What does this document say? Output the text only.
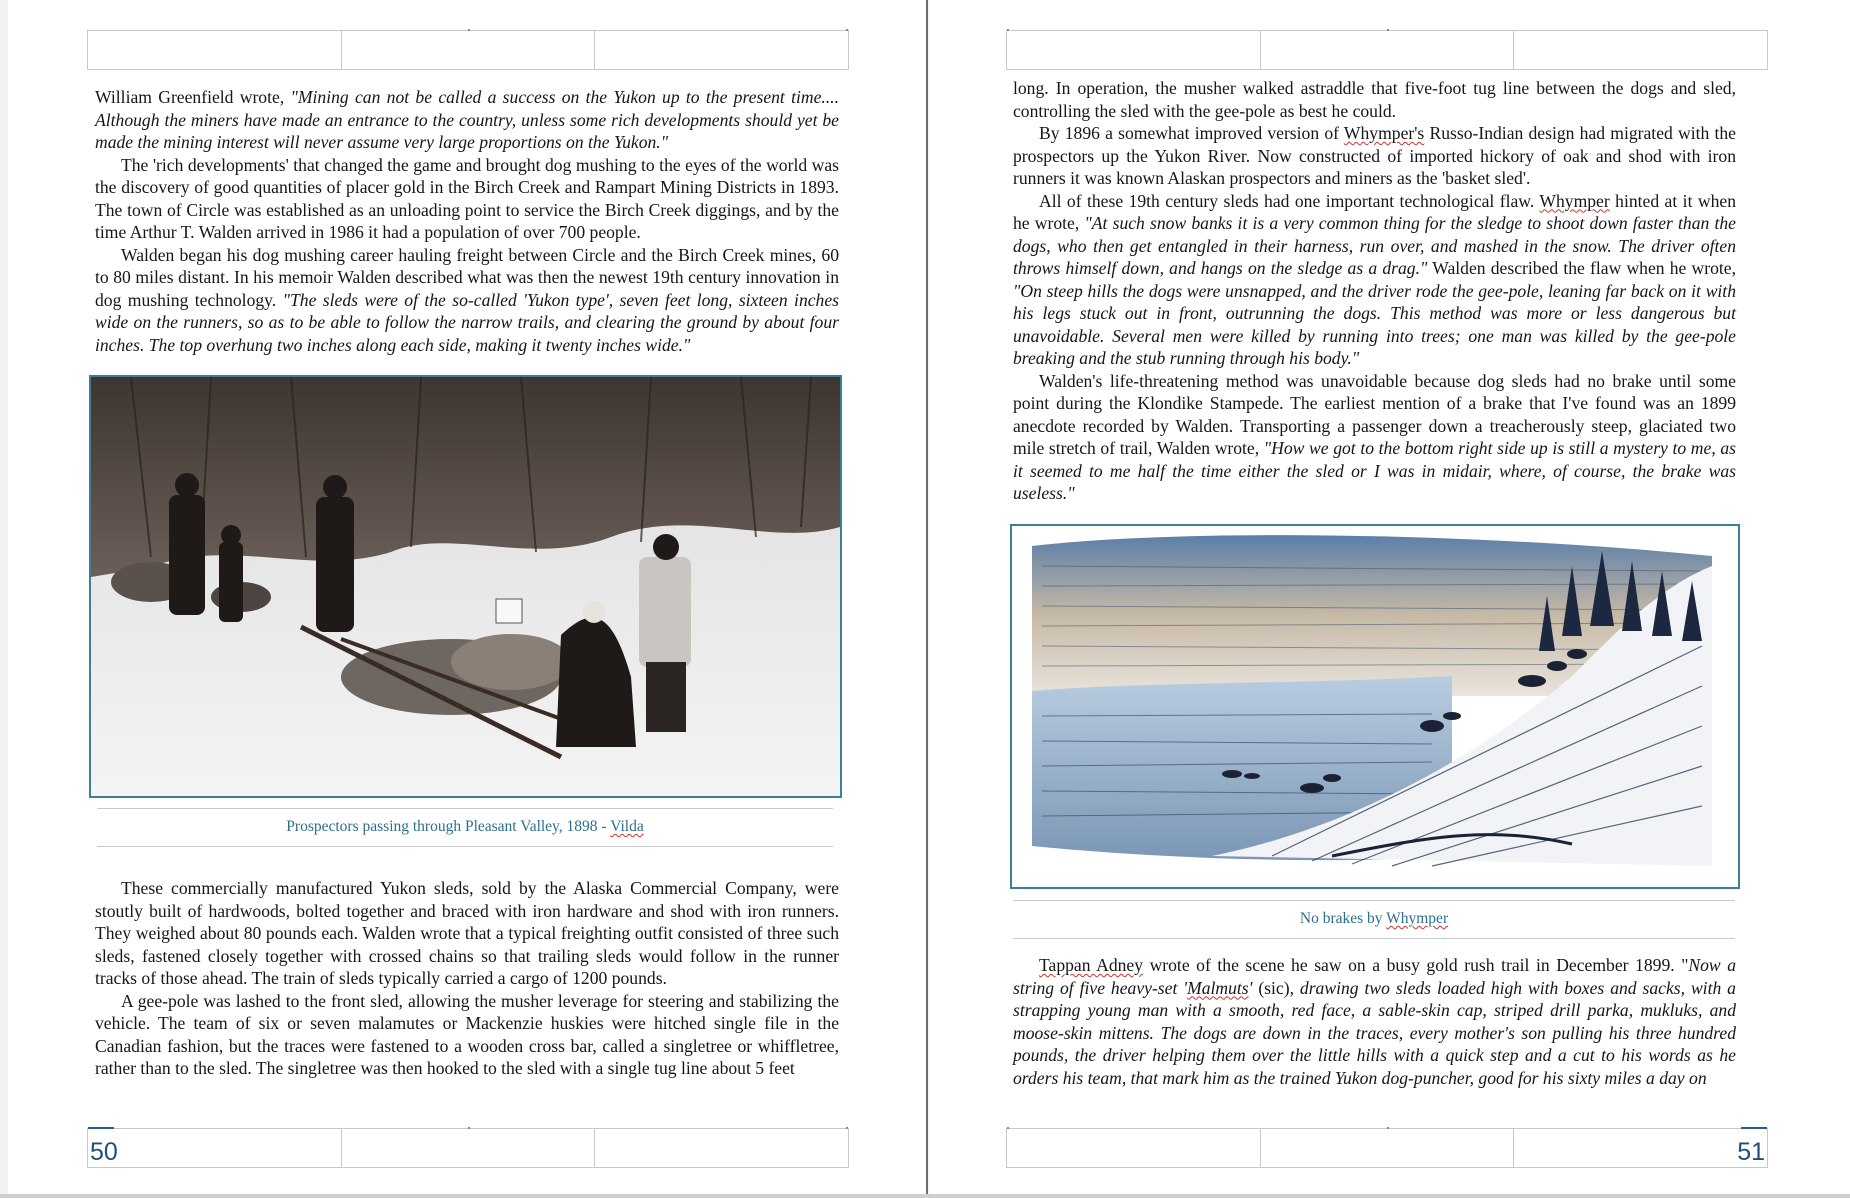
William Greenfield wrote, "Mining can not be called a success on the Yukon up to the present time.... Although the miners have made an entrance to the country, unless some rich developments should yet be made the mining interest will never assume very large proportions on the Yukon."

The 'rich developments' that changed the game and brought dog mushing to the eyes of the world was the discovery of good quantities of placer gold in the Birch Creek and Rampart Mining Districts in 1893. The town of Circle was established as an unloading point to service the Birch Creek diggings, and by the time Arthur T. Walden arrived in 1986 it had a population of over 700 people.

Walden began his dog mushing career hauling freight between Circle and the Birch Creek mines, 60 to 80 miles distant. In his memoir Walden described what was then the newest 19th century innovation in dog mushing technology. "The sleds were of the so-called 'Yukon type', seven feet long, sixteen inches wide on the runners, so as to be able to follow the narrow trails, and clearing the ground by about four inches. The top overhung two inches along each side, making it twenty inches wide."

Prospectors passing through Pleasant Valley, 1898 - Vilda

These commercially manufactured Yukon sleds, sold by the Alaska Commercial Company, were stoutly built of hardwoods, bolted together and braced with iron hardware and shod with iron runners. They weighed about 80 pounds each. Walden wrote that a typical freighting outfit consisted of three such sleds, fastened closely together with crossed chains so that trailing sleds would follow in the runner tracks of those ahead. The train of sleds typically carried a cargo of 1200 pounds.

A gee-pole was lashed to the front sled, allowing the musher leverage for steering and stabilizing the vehicle. The team of six or seven malamutes or Mackenzie huskies were hitched single file in the Canadian fashion, but the traces were fastened to a wooden cross bar, called a singletree or whiffletree, rather than to the sled. The singletree was then hooked to the sled with a single tug line about 5 feet

50

long. In operation, the musher walked astraddle that five-foot tug line between the dogs and sled, controlling the sled with the gee-pole as best he could.

By 1896 a somewhat improved version of Whymper's Russo-Indian design had migrated with the prospectors up the Yukon River. Now constructed of imported hickory of oak and shod with iron runners it was known Alaskan prospectors and miners as the 'basket sled'.

All of these 19th century sleds had one important technological flaw. Whymper hinted at it when he wrote, "At such snow banks it is a very common thing for the sledge to shoot down faster than the dogs, who then get entangled in their harness, run over, and mashed in the snow. The driver often throws himself down, and hangs on the sledge as a drag." Walden described the flaw when he wrote, "On steep hills the dogs were unsnapped, and the driver rode the gee-pole, leaning far back on it with his legs stuck out in front, outrunning the dogs. This method was more or less dangerous but unavoidable. Several men were killed by running into trees; one man was killed by the gee-pole breaking and the stub running through his body."

Walden's life-threatening method was unavoidable because dog sleds had no brake until some point during the Klondike Stampede. The earliest mention of a brake that I've found was an 1899 anecdote recorded by Walden. Transporting a passenger down a treacherously steep, glaciated two mile stretch of trail, Walden wrote, "How we got to the bottom right side up is still a mystery to me, as it seemed to me half the time either the sled or I was in midair, where, of course, the brake was useless."

No brakes by Whymper

Tappan Adney wrote of the scene he saw on a busy gold rush trail in December 1899. "Now a string of five heavy-set 'Malmuts' (sic), drawing two sleds loaded high with boxes and sacks, with a strapping young man with a smooth, red face, a sable-skin cap, striped drill parka, mukluks, and moose-skin mittens. The dogs are down in the traces, every mother's son pulling his three hundred pounds, the driver helping them over the little hills with a quick step and a cut to his words as he orders his team, that mark him as the trained Yukon dog-puncher, good for his sixty miles a day on

51
